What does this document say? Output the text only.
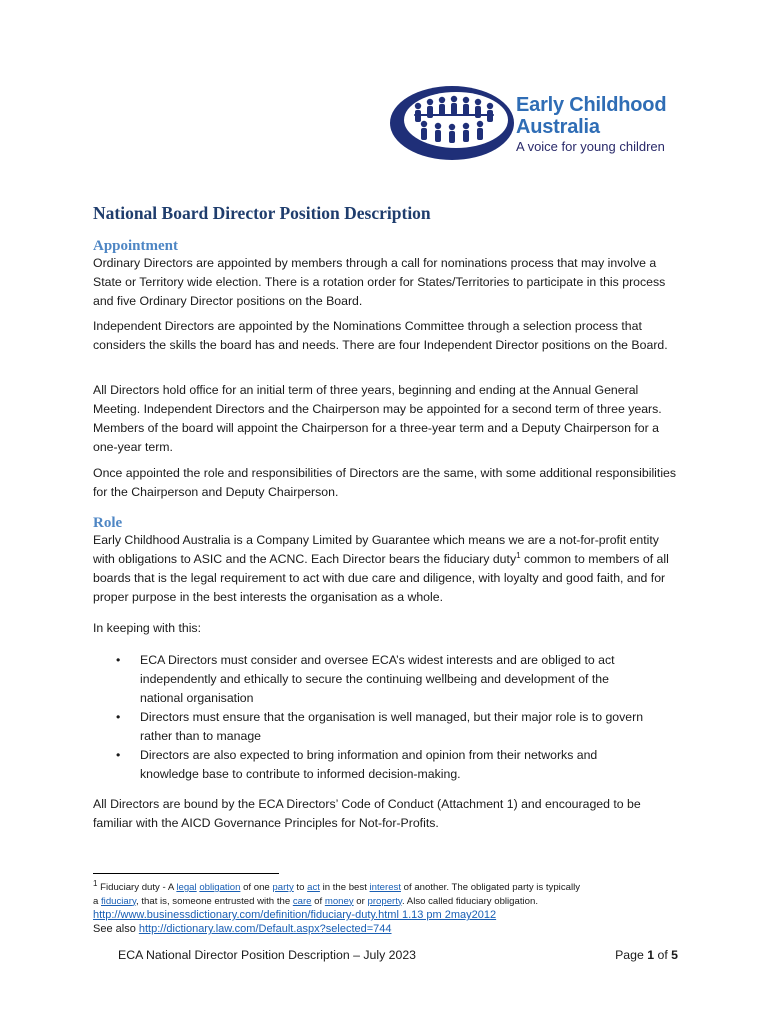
Early Childhood
Australia
A voice for young children
National Board Director Position Description
Appointment

Ordinary Directors are appointed by members through a call for nominations process that may involve a State or Territory wide election. There is a rotation order for States/Territories to participate in this process and five Ordinary Director positions on the Board.

Independent Directors are appointed by the Nominations Committee through a selection process that considers the skills the board has and needs. There are four Independent Director positions on the Board.

All Directors hold office for an initial term of three years, beginning and ending at the Annual General Meeting. Independent Directors and the Chairperson may be appointed for a second term of three years. Members of the board will appoint the Chairperson for a three-year term and a Deputy Chairperson for a one-year term.

Once appointed the role and responsibilities of Directors are the same, with some additional responsibilities for the Chairperson and Deputy Chairperson.

Role

Early Childhood Australia is a Company Limited by Guarantee which means we are a not-for-profit entity with obligations to ASIC and the ACNC. Each Director bears the fiduciary duty$^1$ common to members of all boards that is the legal requirement to act with due care and diligence, with loyalty and good faith, and for proper purpose in the best interests the organisation as a whole.

In keeping with this:

• ECA Directors must consider and oversee ECA’s widest interests and are obliged to act independently and ethically to secure the continuing wellbeing and development of the national organisation
• Directors must ensure that the organisation is well managed, but their major role is to govern rather than to manage
• Directors are also expected to bring information and opinion from their networks and knowledge base to contribute to informed decision-making.

All Directors are bound by the ECA Directors’ Code of Conduct (Attachment 1) and encouraged to be familiar with the AICD Governance Principles for Not-for-Profits.

$^1$ Fiduciary duty - A legal obligation of one party to act in the best interest of another. The obligated party is typically
a fiduciary, that is, someone entrusted with the care of money or property. Also called fiduciary obligation.
http://www.businessdictionary.com/definition/fiduciary-duty.html 1.13 pm 2may2012
See also http://dictionary.law.com/Default.aspx?selected=744
ECA National Director Position Description – July 2023	Page 1 of 5
